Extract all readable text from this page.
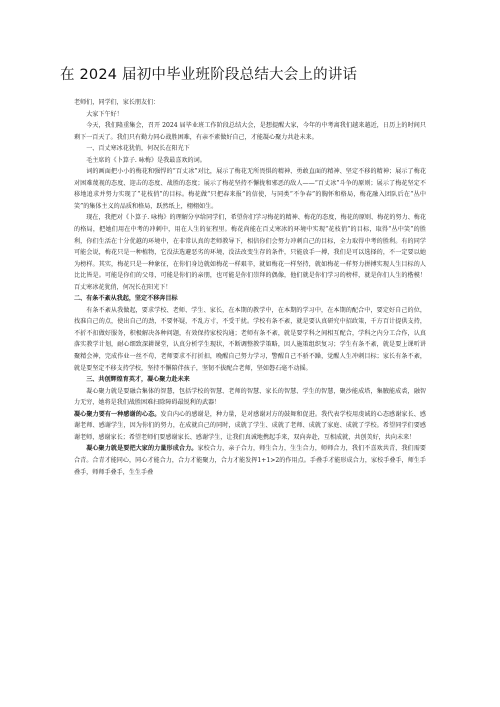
在 2024 届初中毕业班阶段总结大会上的讲话

老师们，同学们，家长朋友们：

大家下午好！

今天，我们隆重集会，召开 2024 届毕业班工作阶段总结大会，是想提醒大家，今年的中考离我们越来越近，日历上的时间只剩下一百天了。我们只有勤力同心战胜困难，有亲不素做好自己，才能凝心聚力共赴未来。

一、百丈寒冰花犹俏，何况长在阳光下

毛主席的《卜算子. 咏梅》是我最喜欢的词。

词的画面把小小的梅花和强悍的“百丈冰”对比，展示了梅花无所畏惧的精神、勇敢直面的精神、坚定不移的精神；展示了梅花对困难蔑视的态度、迎击的态度、战胜的态度；展示了梅花坚持不懈拢和邪恶的敌人——“百丈冰”斗争的原则；展示了梅花坚定不移地追求并努力实现了“花枝俏”的目标。梅花做“只把春来报”的信使，与同类“不争春”的胸怀和格局，梅花融入团队后在“丛中笑”的集体主义的品质和格局，跃然纸上，栩栩如生。

现在，我把对《卜算子. 咏梅》的理解分享给同学们，希望你们学习梅花的精神、梅花的态度，梅花的原则、梅花的努力、梅花的格局，把她们用在中考的冲刺中，用在人生的征程里。梅花尚能在百丈寒冰的环境中实现“花枝俏”的目标，取得“丛中笑”的胜利，你们生活在十分优越的环境中，在非常认真的老师教导下，相信你们会努力冲刺自己的目标，全力取得中考的胜利。有的同学可能会说，梅花只是一种植物，它没法选避恶劣的环境，没法改变生存的条件，只能放手一搏，我们是可以选择的，不一定要以她为榜样。其实，梅花只是一种象征，在你们身边就如梅花一样艰辛，就如梅花一样坚持，就如梅花一样努力拼搏实现人生目标的人比比皆是。可能是你们的父母，可能是你们的亲朋，也可能是你们崇拜的偶像，他们就是你们学习的榜样，就是你们人生的楷模！百丈寒冰花犹俏，何况长在阳光下！

二、有条不紊从我起，坚定不移奔目标

有条不紊从我做起，要求学校、老师、学生、家长，在本期的教学中，在本期的学习中，在本期的配合中，要定好自己的位，找准自己的点，使出自己的劲，不要怀疑，不乱方寸，不受干扰。学校有条不紊，就是要认真研究中招政策，千方百计提供支持，不折不扣做好服务，积极解决各种问题，有效保持家校沟通；老师有条不紊，就是要学科之间相互配合，学科之内分工合作，认真落实教学计划，耐心细致深耕课堂，认真分析学生现状，不断调整教学策略，因人施策组织复习；学生有条不紊，就是要上课听讲聚精会神，完成作业一丝不苟，老师要求不打折扣，晚醒自己努力学习，警醒自己不骄不躁，觉醒人生冲刺目标；家长有条不紊，就是要坚定不移支持学校，坚持不懈陪伴孩子，坚韧不拔配合老师，坚如磐石毫不动摇。

三、共创辉煌育英才，凝心聚力赴未来

凝心聚力就是要融合集体的智慧，包括学校的智慧、老师的智慧、家长的智慧、学生的智慧，聚沙能成塔，集腋能成裘，融智力无穷，她将是我们战胜困难扫除障碍最锐利的武器！

凝心聚力要有一种感谢的心态。发自内心的感谢是，种力量，是对感谢对方的鼓舞和促进。我代表学校用虔诚的心态感谢家长、感谢老师、感谢学生，因为你们的努力，在成就自己的同时，成就了学生、成就了老师、成就了家庭、成就了学校。希望同学们要感谢老师，感谢家长；希望老师们要感谢家长、感谢学生，让我们真诚地携起手来，双向奔赴，互相成就，共创美好，共向未来！

凝心聚力就是要把大家的力量形成合力。家校合力，亲子合力，师生合力，生生合力，师师合力，我们不喜欢共青，我们需要合青。合青才能同心，同心才能合力，合力才能聚力，合力才能发挥1+1>2的作用点。手叠手才能形成合力，家校手叠手，师生手叠手，师师手叠手，生生手叠
